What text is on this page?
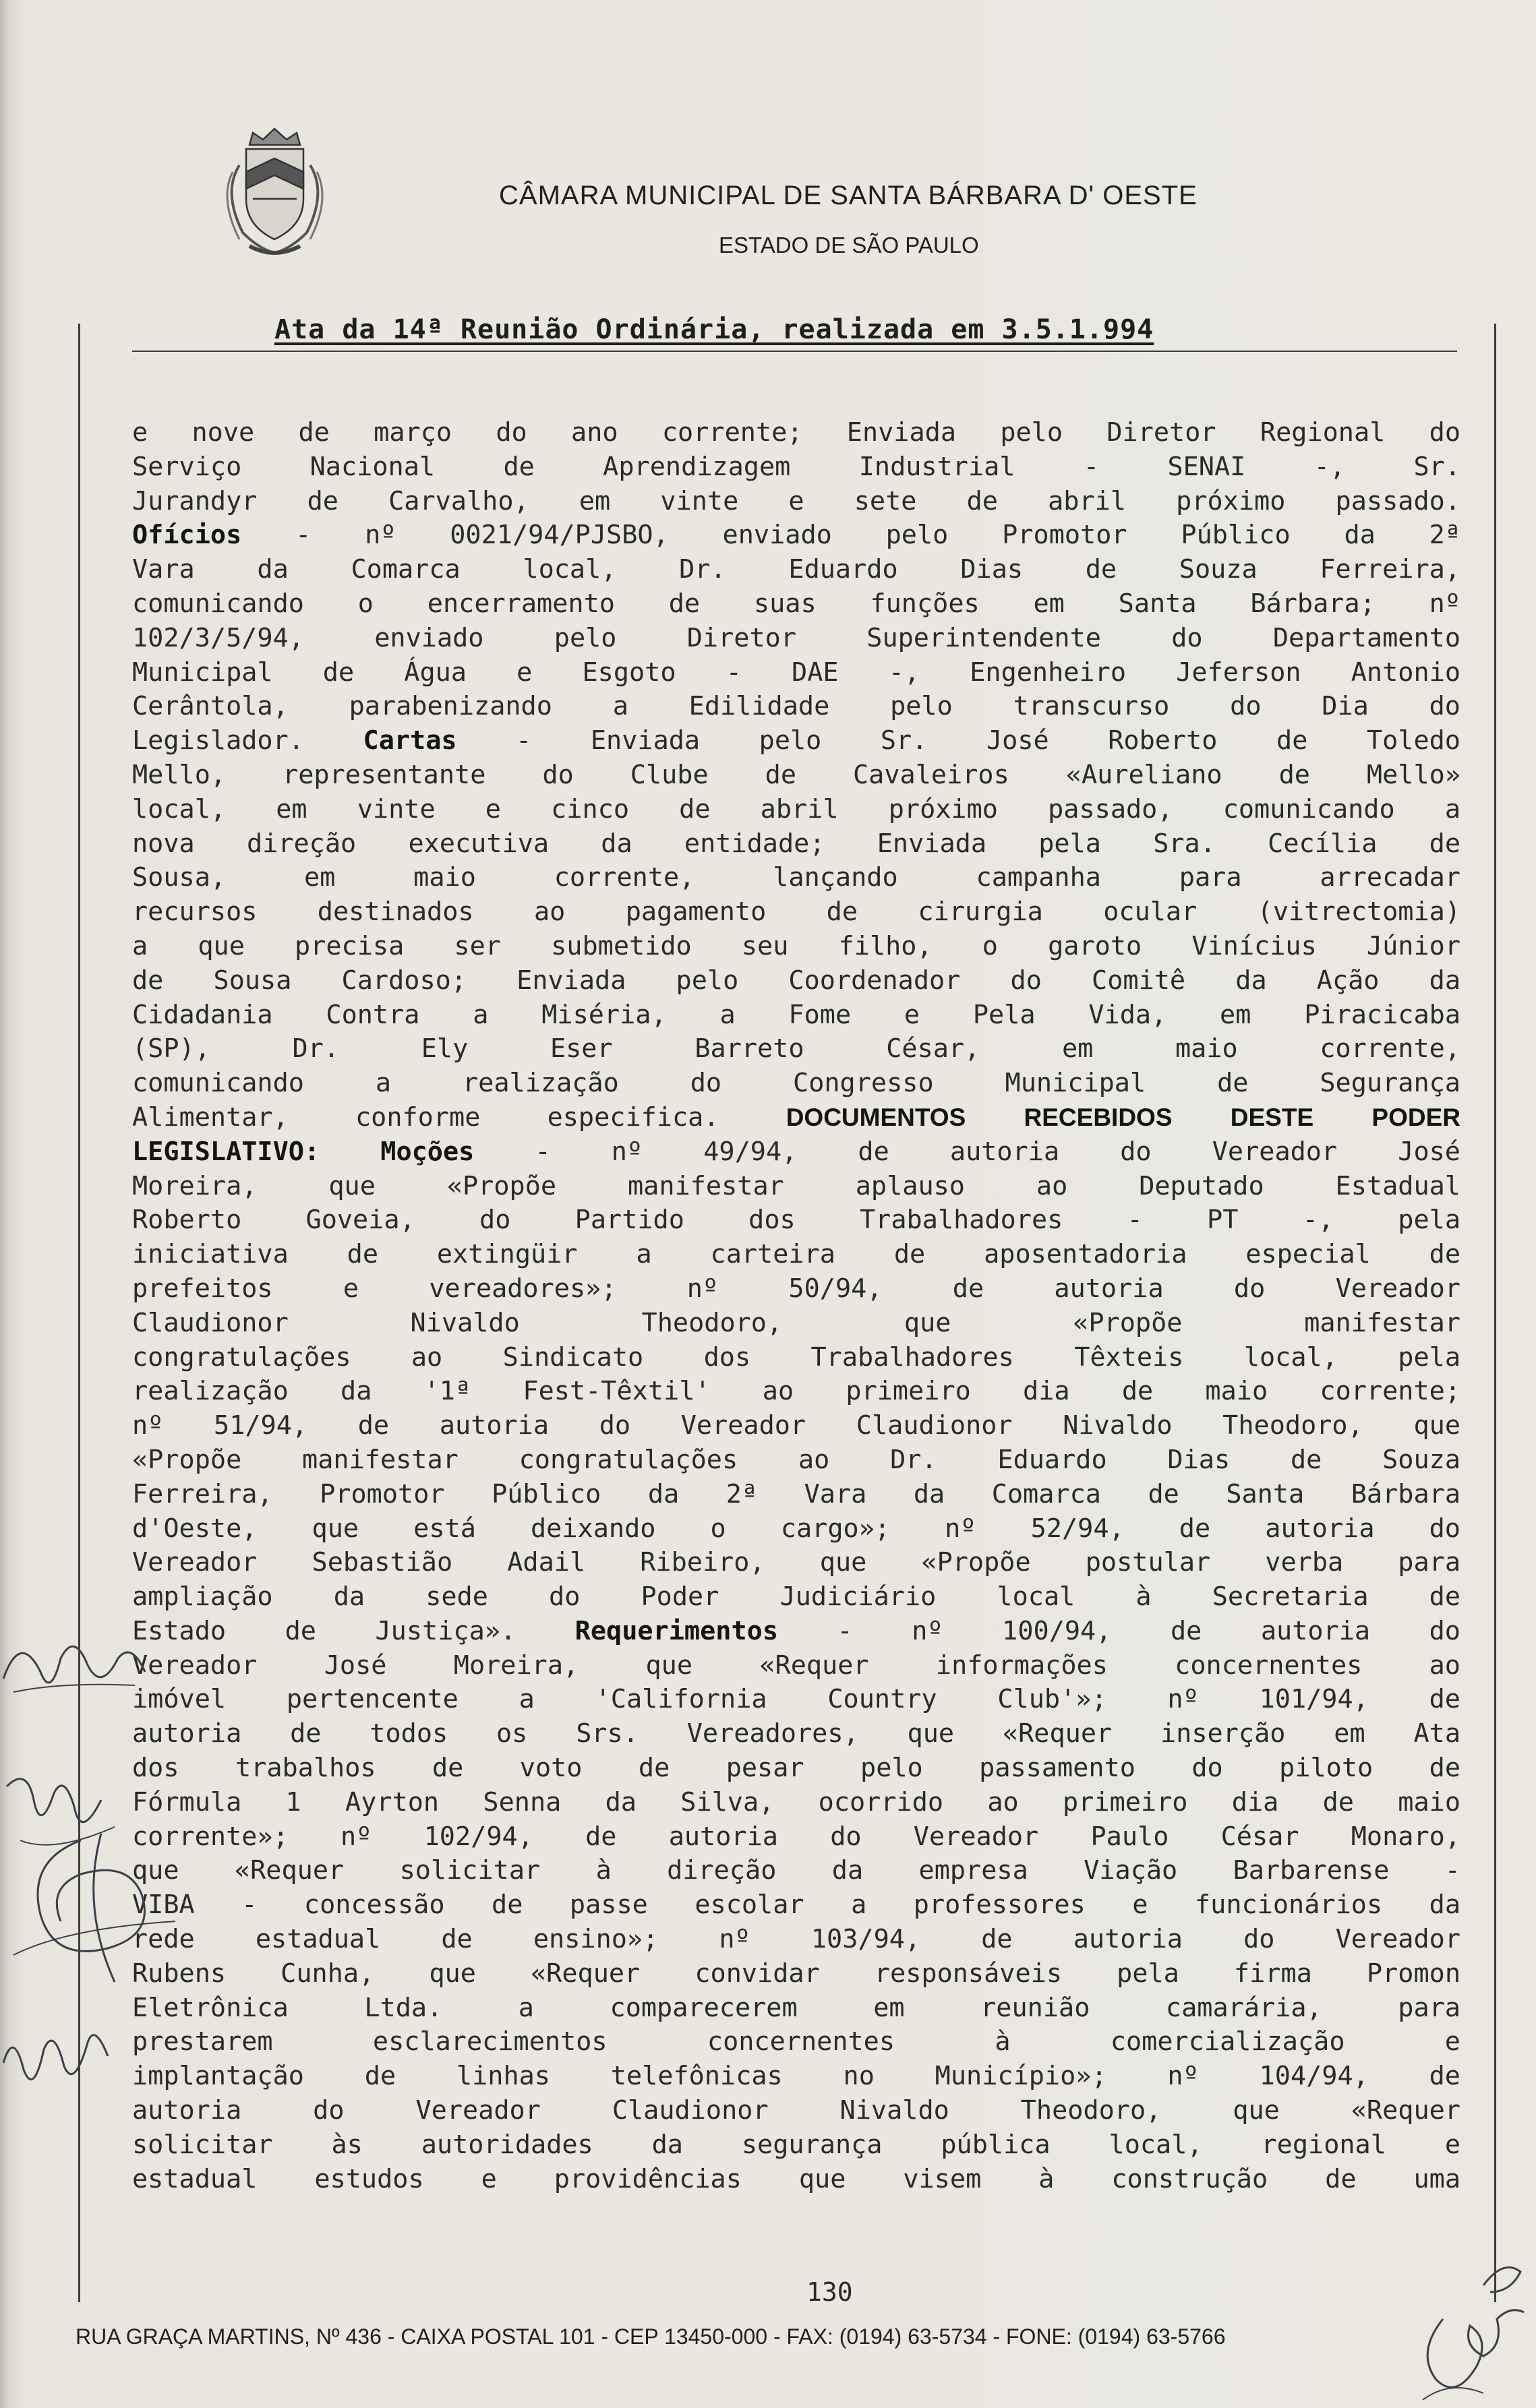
CÂMARA MUNICIPAL DE SANTA BÁRBARA D' OESTE
ESTADO DE SÃO PAULO
Ata da 14ª Reunião Ordinária, realizada em 3.5.1.994

e nove de março do ano corrente; Enviada pelo Diretor Regional do

Serviço Nacional de Aprendizagem Industrial - SENAI -, Sr.

Jurandyr de Carvalho, em vinte e sete de abril próximo passado.

Ofícios - nº 0021/94/PJSBO, enviado pelo Promotor Público da 2ª

Vara da Comarca local, Dr. Eduardo Dias de Souza Ferreira,

comunicando o encerramento de suas funções em Santa Bárbara; nº

102/3/5/94, enviado pelo Diretor Superintendente do Departamento

Municipal de Água e Esgoto - DAE -, Engenheiro Jeferson Antonio

Cerântola, parabenizando a Edilidade pelo transcurso do Dia do

Legislador. Cartas - Enviada pelo Sr. José Roberto de Toledo

Mello, representante do Clube de Cavaleiros «Aureliano de Mello»

local, em vinte e cinco de abril próximo passado, comunicando a

nova direção executiva da entidade; Enviada pela Sra. Cecília de

Sousa, em maio corrente, lançando campanha para arrecadar

recursos destinados ao pagamento de cirurgia ocular (vitrectomia)

a que precisa ser submetido seu filho, o garoto Vinícius Júnior

de Sousa Cardoso; Enviada pelo Coordenador do Comitê da Ação da

Cidadania Contra a Miséria, a Fome e Pela Vida, em Piracicaba

(SP), Dr. Ely Eser Barreto César, em maio corrente,

comunicando a realização do Congresso Municipal de Segurança

Alimentar, conforme especifica. DOCUMENTOS RECEBIDOS DESTE PODER

LEGISLATIVO: Moções - nº 49/94, de autoria do Vereador José

Moreira, que «Propõe manifestar aplauso ao Deputado Estadual

Roberto Goveia, do Partido dos Trabalhadores - PT -, pela

iniciativa de extingüir a carteira de aposentadoria especial de

prefeitos e vereadores»; nº 50/94, de autoria do Vereador

Claudionor Nivaldo Theodoro, que «Propõe manifestar

congratulações ao Sindicato dos Trabalhadores Têxteis local, pela

realização da '1ª Fest-Têxtil' ao primeiro dia de maio corrente;

nº 51/94, de autoria do Vereador Claudionor Nivaldo Theodoro, que

«Propõe manifestar congratulações ao Dr. Eduardo Dias de Souza

Ferreira, Promotor Público da 2ª Vara da Comarca de Santa Bárbara

d'Oeste, que está deixando o cargo»; nº 52/94, de autoria do

Vereador Sebastião Adail Ribeiro, que «Propõe postular verba para

ampliação da sede do Poder Judiciário local à Secretaria de

Estado de Justiça». Requerimentos - nº 100/94, de autoria do

Vereador José Moreira, que «Requer informações concernentes ao

imóvel pertencente a 'California Country Club'»; nº 101/94, de

autoria de todos os Srs. Vereadores, que «Requer inserção em Ata

dos trabalhos de voto de pesar pelo passamento do piloto de

Fórmula 1 Ayrton Senna da Silva, ocorrido ao primeiro dia de maio

corrente»; nº 102/94, de autoria do Vereador Paulo César Monaro,

que «Requer solicitar à direção da empresa Viação Barbarense -

VIBA - concessão de passe escolar a professores e funcionários da

rede estadual de ensino»; nº 103/94, de autoria do Vereador

Rubens Cunha, que «Requer convidar responsáveis pela firma Promon

Eletrônica Ltda. a comparecerem em reunião camarária, para

prestarem esclarecimentos concernentes à comercialização e

implantação de linhas telefônicas no Município»; nº 104/94, de

autoria do Vereador Claudionor Nivaldo Theodoro, que «Requer

solicitar às autoridades da segurança pública local, regional e

estadual estudos e providências que visem à construção de uma

130
RUA GRAÇA MARTINS, Nº 436 - CAIXA POSTAL 101 - CEP 13450-000 - FAX: (0194) 63-5734 - FONE: (0194) 63-5766
